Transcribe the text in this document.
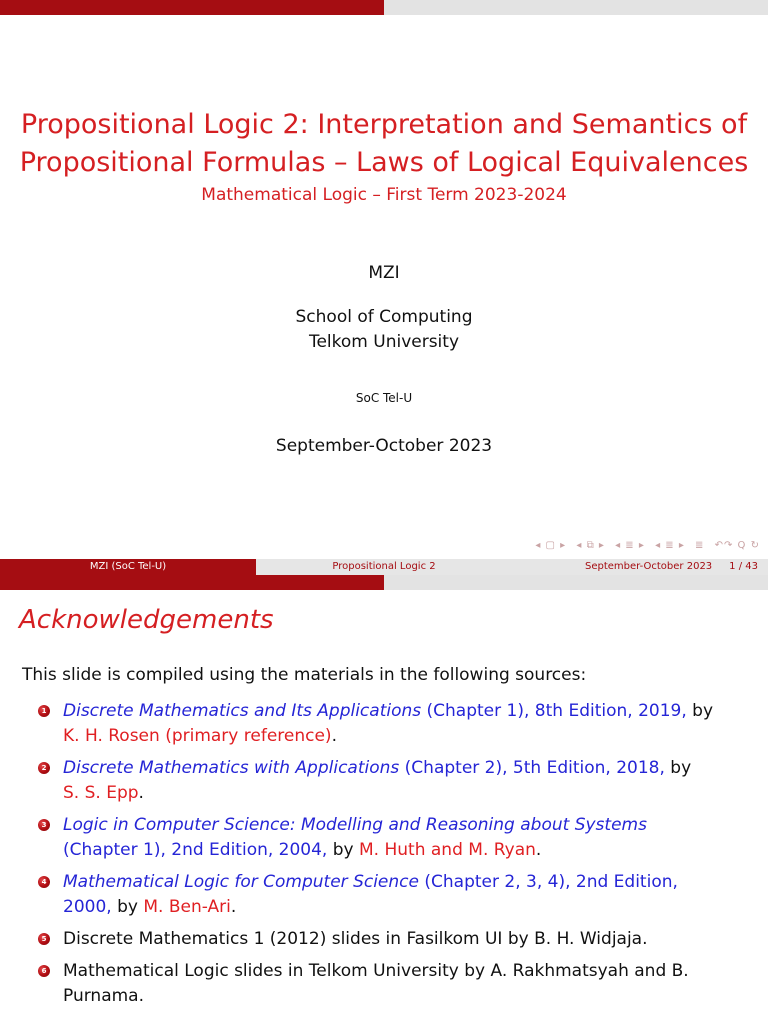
Propositional Logic 2: Interpretation and Semantics of
Propositional Formulas – Laws of Logical Equivalences
Mathematical Logic – First Term 2023-2024
MZI
School of Computing
Telkom University
SoC Tel-U
September-October 2023
◂ ▢ ▸ ◂ ⧉ ▸ ◂ ≣ ▸ ◂ ≣ ▸ ≣ ↶↷ Q ↻
MZI (SoC Tel-U)	Propositional Logic 2	September-October 2023 1 / 43
Acknowledgements
This slide is compiled using the materials in the following sources:
1 Discrete Mathematics and Its Applications (Chapter 1), 8th Edition, 2019, by
K. H. Rosen (primary reference).
2 Discrete Mathematics with Applications (Chapter 2), 5th Edition, 2018, by
S. S. Epp.
3 Logic in Computer Science: Modelling and Reasoning about Systems
(Chapter 1), 2nd Edition, 2004, by M. Huth and M. Ryan.
4 Mathematical Logic for Computer Science (Chapter 2, 3, 4), 2nd Edition,
2000, by M. Ben-Ari.
5 Discrete Mathematics 1 (2012) slides in Fasilkom UI by B. H. Widjaja.
6 Mathematical Logic slides in Telkom University by A. Rakhmatsyah and B.
Purnama.
